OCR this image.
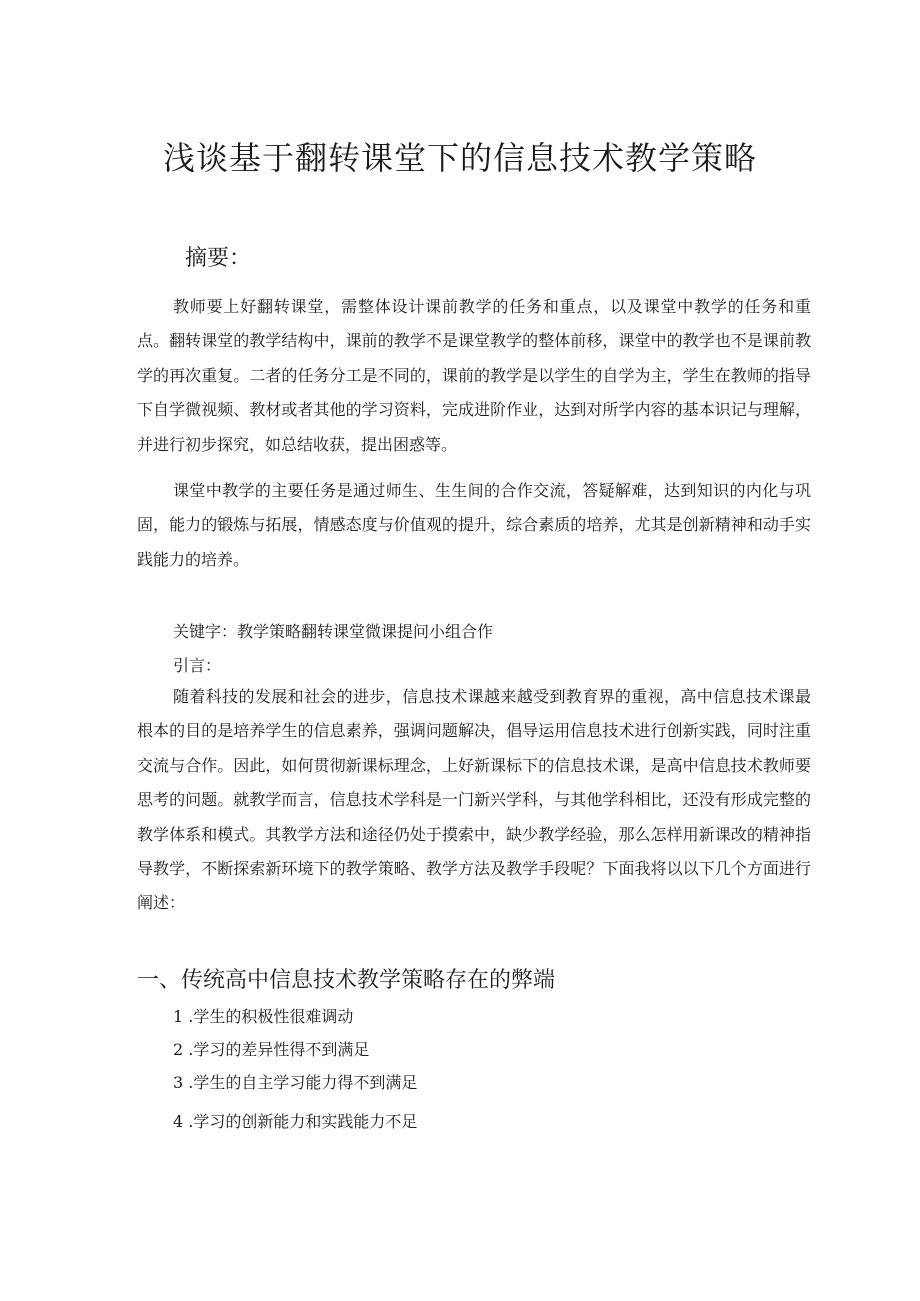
浅谈基于翻转课堂下的信息技术教学策略
摘要：

教师要上好翻转课堂，需整体设计课前教学的任务和重点，以及课堂中教学的任务和重点。翻转课堂的教学结构中，课前的教学不是课堂教学的整体前移，课堂中的教学也不是课前教学的再次重复。二者的任务分工是不同的，课前的教学是以学生的自学为主，学生在教师的指导下自学微视频、教材或者其他的学习资料，完成进阶作业，达到对所学内容的基本识记与理解，并进行初步探究，如总结收获，提出困惑等。

课堂中教学的主要任务是通过师生、生生间的合作交流，答疑解难，达到知识的内化与巩固，能力的锻炼与拓展，情感态度与价值观的提升，综合素质的培养，尤其是创新精神和动手实践能力的培养。

关键字：教学策略翻转课堂微课提问小组合作

引言：

随着科技的发展和社会的进步，信息技术课越来越受到教育界的重视，高中信息技术课最根本的目的是培养学生的信息素养，强调问题解决，倡导运用信息技术进行创新实践，同时注重交流与合作。因此，如何贯彻新课标理念，上好新课标下的信息技术课，是高中信息技术教师要思考的问题。就教学而言，信息技术学科是一门新兴学科，与其他学科相比，还没有形成完整的教学体系和模式。其教学方法和途径仍处于摸索中，缺少教学经验，那么怎样用新课改的精神指导教学，不断探索新环境下的教学策略、教学方法及教学手段呢？下面我将以以下几个方面进行阐述：

一、传统高中信息技术教学策略存在的弊端

1 .学生的积极性很难调动

2 .学习的差异性得不到满足

3 .学生的自主学习能力得不到满足

4 .学习的创新能力和实践能力不足
